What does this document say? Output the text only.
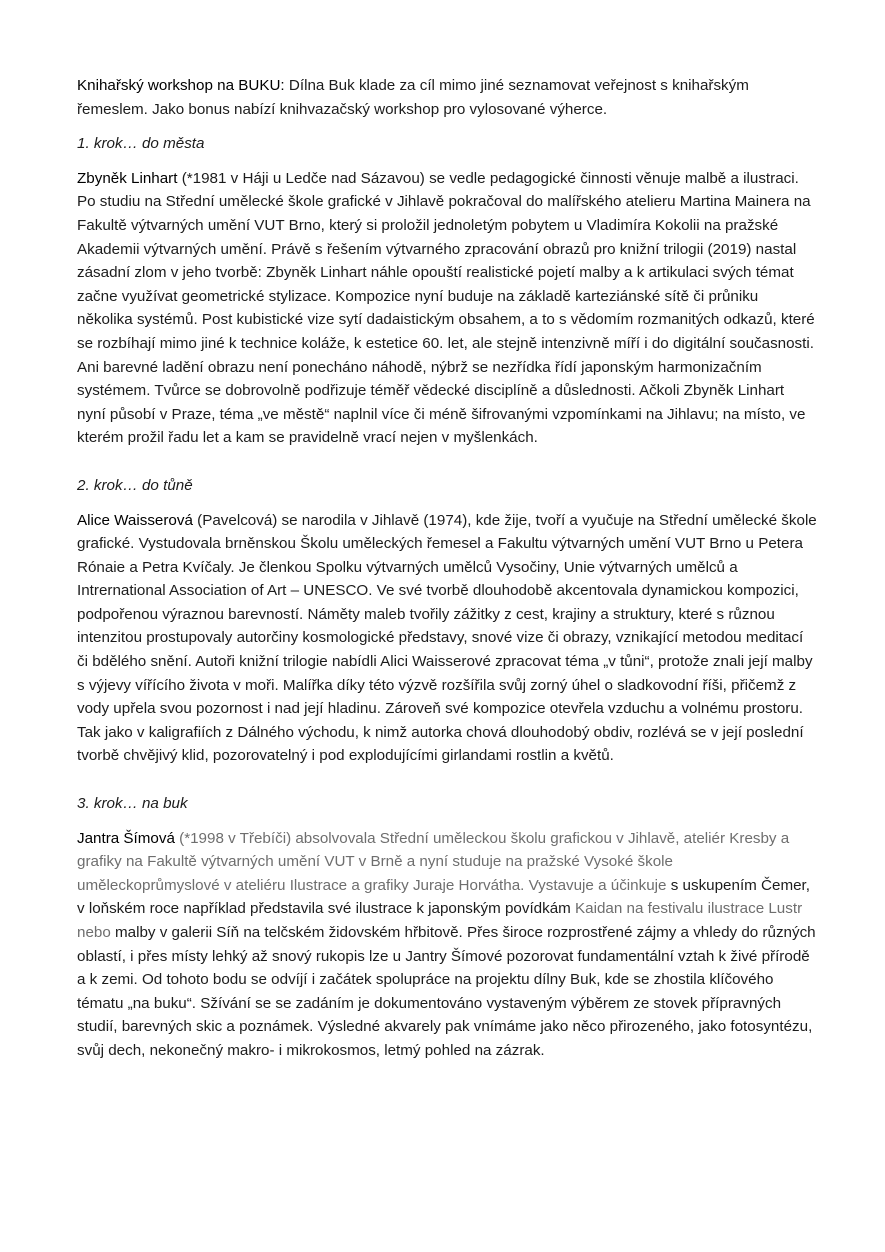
Knihařský workshop na BUKU: Dílna Buk klade za cíl mimo jiné seznamovat veřejnost s knihařským řemeslem. Jako bonus nabízí knihvazačský workshop pro vylosované výherce.

1. krok… do města

Zbyněk Linhart (*1981 v Háji u Ledče nad Sázavou) se vedle pedagogické činnosti věnuje malbě a ilustraci. Po studiu na Střední umělecké škole grafické v Jihlavě pokračoval do malířského atelieru Martina Mainera na Fakultě výtvarných umění VUT Brno, který si proložil jednoletým pobytem u Vladimíra Kokolii na pražské Akademii výtvarných umění. Právě s řešením výtvarného zpracování obrazů pro knižní trilogii (2019) nastal zásadní zlom v jeho tvorbě: Zbyněk Linhart náhle opouští realistické pojetí malby a k artikulaci svých témat začne využívat geometrické stylizace. Kompozice nyní buduje na základě karteziánské sítě či průniku několika systémů. Post kubistické vize sytí dadaistickým obsahem, a to s vědomím rozmanitých odkazů, které se rozbíhají mimo jiné k technice koláže, k estetice 60. let, ale stejně intenzivně míří i do digitální současnosti.
Ani barevné ladění obrazu není ponecháno náhodě, nýbrž se nezřídka řídí japonským harmonizačním systémem. Tvůrce se dobrovolně podřizuje téměř vědecké disciplíně a důslednosti. Ačkoli Zbyněk Linhart nyní působí v Praze, téma „ve městě“ naplnil více či méně šifrovanými vzpomínkami na Jihlavu; na místo, ve kterém prožil řadu let a kam se pravidelně vrací nejen v myšlenkách.

2. krok… do tůně

Alice Waisserová (Pavelcová) se narodila v Jihlavě (1974), kde žije, tvoří a vyučuje na Střední umělecké škole grafické. Vystudovala brněnskou Školu uměleckých řemesel a Fakultu výtvarných umění VUT Brno u Petera Rónaie a Petra Kvíčaly. Je členkou Spolku výtvarných umělců Vysočiny, Unie výtvarných umělců a Intrernational Association of Art – UNESCO. Ve své tvorbě dlouhodobě akcentovala dynamickou kompozici, podpořenou výraznou barevností. Náměty maleb tvořily zážitky z cest, krajiny a struktury, které s různou intenzitou prostupovaly autorčiny kosmologické představy, snové vize či obrazy, vznikající metodou meditací či bdělého snění. Autoři knižní trilogie nabídli Alici Waisserové zpracovat téma „v tůni“, protože znali její malby s výjevy vířícího života v moři. Malířka díky této výzvě rozšířila svůj zorný úhel o sladkovodní říši, přičemž z vody upřela svou pozornost i nad její hladinu. Zároveň své kompozice otevřela vzduchu a volnému prostoru. Tak jako v kaligrafiích z Dálného východu, k nimž autorka chová dlouhodobý obdiv, rozlévá se v její poslední tvorbě chvějivý klid, pozorovatelný i pod explodujícími girlandami rostlin a květů.

3. krok… na buk

Jantra Šímová (*1998 v Třebíči) absolvovala Střední uměleckou školu grafickou v Jihlavě, ateliér Kresby a grafiky na Fakultě výtvarných umění VUT v Brně a nyní studuje na pražské Vysoké škole uměleckoprůmyslové v ateliéru Ilustrace a grafiky Juraje Horvátha. Vystavuje a účinkuje s uskupením Čemer, v loňském roce například představila své ilustrace k japonským povídkám Kaidan na festivalu ilustrace Lustr nebo malby v galerii Síň na telčském židovském hřbitově. Přes široce rozprostřené zájmy a vhledy do různých oblastí, i přes místy lehký až snový rukopis lze u Jantry Šímové pozorovat fundamentální vztah k živé přírodě a k zemi. Od tohoto bodu se odvíjí i začátek spolupráce na projektu dílny Buk, kde se zhostila klíčového tématu „na buku“. Sžívání se se zadáním je dokumentováno vystaveným výběrem ze stovek přípravných studií, barevných skic a poznámek. Výsledné akvarely pak vnímáme jako něco přirozeného, jako fotosyntézu, svůj dech, nekonečný makro- i mikrokosmos, letmý pohled na zázrak.
